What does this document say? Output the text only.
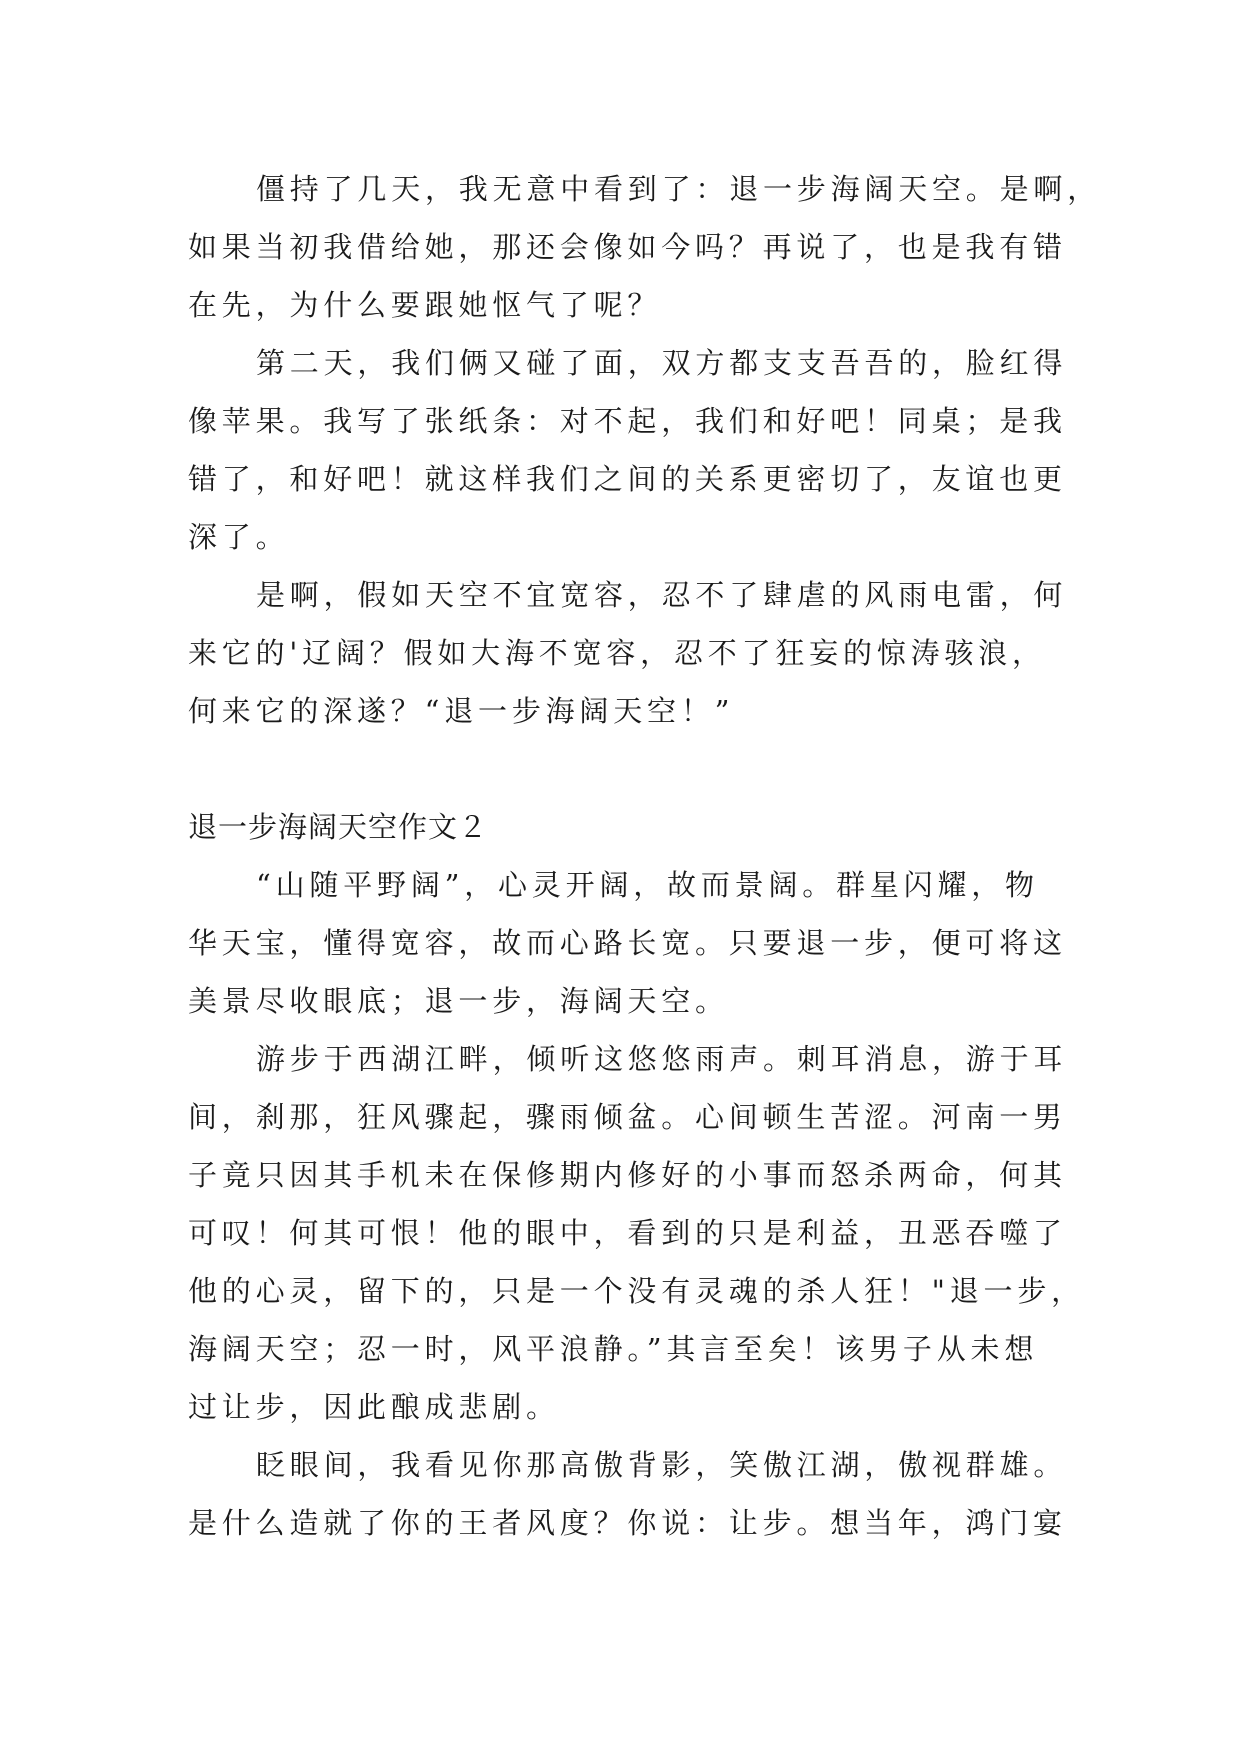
僵持了几天，我无意中看到了：退一步海阔天空。是啊，
如果当初我借给她，那还会像如今吗？再说了，也是我有错
在先，为什么要跟她怄气了呢？
第二天，我们俩又碰了面，双方都支支吾吾的，脸红得
像苹果。我写了张纸条：对不起，我们和好吧！同桌；是我
错了，和好吧！就这样我们之间的关系更密切了，友谊也更
深了。
是啊，假如天空不宜宽容，忍不了肆虐的风雨电雷，何
来它的'辽阔？假如大海不宽容，忍不了狂妄的惊涛骇浪，
何来它的深遂？“退一步海阔天空！”
退一步海阔天空作文２
“山随平野阔”，心灵开阔，故而景阔。群星闪耀，物
华天宝，懂得宽容，故而心路长宽。只要退一步，便可将这
美景尽收眼底；退一步，海阔天空。
游步于西湖江畔，倾听这悠悠雨声。刺耳消息，游于耳
间，刹那，狂风骤起，骤雨倾盆。心间顿生苦涩。河南一男
子竟只因其手机未在保修期内修好的小事而怒杀两命，何其
可叹！何其可恨！他的眼中，看到的只是利益，丑恶吞噬了
他的心灵，留下的，只是一个没有灵魂的杀人狂！"退一步，
海阔天空；忍一时，风平浪静。”其言至矣！该男子从未想
过让步，因此酿成悲剧。
眨眼间，我看见你那高傲背影，笑傲江湖，傲视群雄。
是什么造就了你的王者风度？你说：让步。想当年，鸿门宴
